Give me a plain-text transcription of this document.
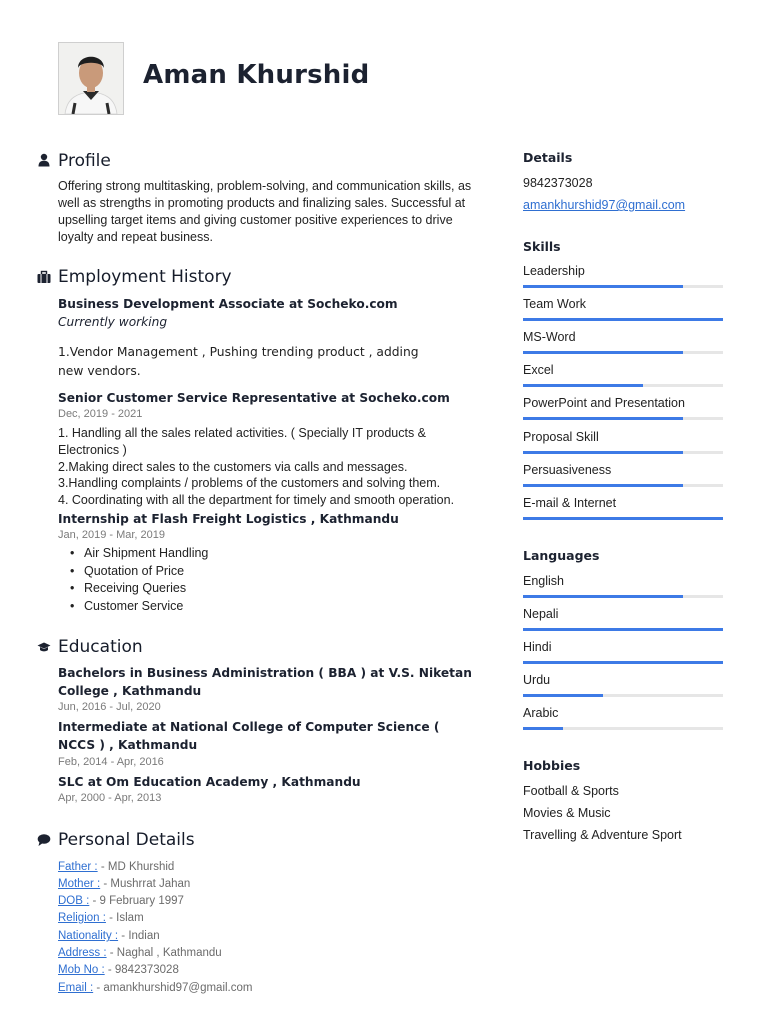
Aman Khurshid
Profile
Offering strong multitasking, problem-solving, and communication skills, as well as strengths in promoting products and finalizing sales. Successful at upselling target items and giving customer positive experiences to drive loyalty and repeat business.
Employment History
Business Development Associate at Socheko.com Currently working
1.Vendor Management , Pushing trending product , adding
new vendors.
Senior Customer Service Representative at Socheko.com
Dec, 2019 - 2021
1. Handling all the sales related activities. ( Specially IT products &
Electronics )
2.Making direct sales to the customers via calls and messages.
3.Handling complaints / problems of the customers and solving them.
4. Coordinating with all the department for timely and smooth operation.
Internship at Flash Freight Logistics , Kathmandu
Jan, 2019 - Mar, 2019
• Air Shipment Handling
• Quotation of Price
• Receiving Queries
• Customer Service
Education
Bachelors in Business Administration ( BBA ) at V.S. Niketan College , Kathmandu
Jun, 2016 - Jul, 2020
Intermediate at National College of Computer Science ( NCCS ) , Kathmandu
Feb, 2014 - Apr, 2016
SLC at Om Education Academy , Kathmandu
Apr, 2000 - Apr, 2013
Personal Details
Father : - MD Khurshid
Mother : - Mushrrat Jahan
DOB : - 9 February 1997
Religion : - Islam
Nationality : - Indian
Address : - Naghal , Kathmandu
Mob No : - 9842373028
Email : - amankhurshid97@gmail.com
Details
9842373028
amankhurshid97@gmail.com
Skills
Leadership
Team Work
MS-Word
Excel
PowerPoint and Presentation
Proposal Skill
Persuasiveness
E-mail & Internet
Languages
English
Nepali
Hindi
Urdu
Arabic
Hobbies
Football & Sports
Movies & Music
Travelling & Adventure Sport
